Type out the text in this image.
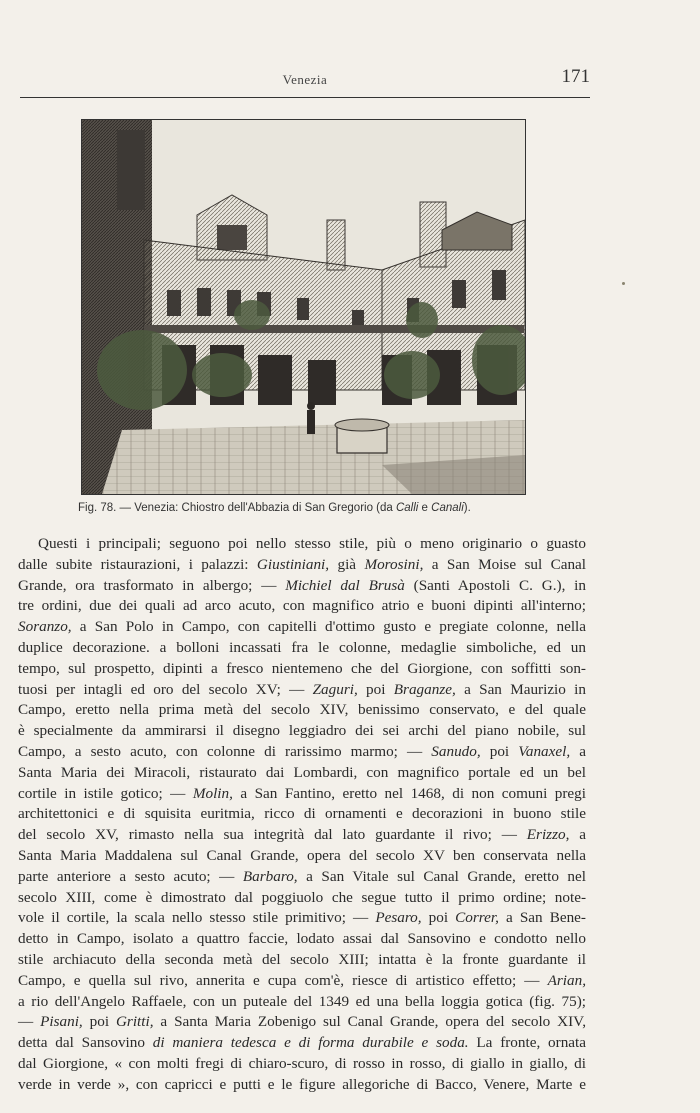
Venezia	171
Fig. 78. — Venezia: Chiostro dell'Abbazia di San Gregorio (da Calli e Canali).
Questi i principali; seguono poi nello stesso stile, più o meno originario o guasto
dalle subite ristaurazioni, i palazzi: Giustiniani, già Morosini, a San Moise sul Canal
Grande, ora trasformato in albergo; — Michiel dal Brusà (Santi Apostoli C. G.), in
tre ordini, due dei quali ad arco acuto, con magnifico atrio e buoni dipinti all'interno;
Soranzo, a San Polo in Campo, con capitelli d'ottimo gusto e pregiate colonne, nella
duplice decorazione. a bolloni incassati fra le colonne, medaglie simboliche, ed un
tempo, sul prospetto, dipinti a fresco nientemeno che del Giorgione, con soffitti son-
tuosi per intagli ed oro del secolo XV; — Zaguri, poi Braganze, a San Maurizio in
Campo, eretto nella prima metà del secolo XIV, benissimo conservato, e del quale
è specialmente da ammirarsi il disegno leggiadro dei sei archi del piano nobile, sul
Campo, a sesto acuto, con colonne di rarissimo marmo; — Sanudo, poi Vanaxel, a
Santa Maria dei Miracoli, ristaurato dai Lombardi, con magnifico portale ed un bel
cortile in istile gotico; — Molin, a San Fantino, eretto nel 1468, di non comuni pregi
architettonici e di squisita euritmia, ricco di ornamenti e decorazioni in buono stile
del secolo XV, rimasto nella sua integrità dal lato guardante il rivo; — Erizzo, a
Santa Maria Maddalena sul Canal Grande, opera del secolo XV ben conservata nella
parte anteriore a sesto acuto; — Barbaro, a San Vitale sul Canal Grande, eretto nel
secolo XIII, come è dimostrato dal poggiuolo che segue tutto il primo ordine; note-
vole il cortile, la scala nello stesso stile primitivo; — Pesaro, poi Correr, a San Bene-
detto in Campo, isolato a quattro faccie, lodato assai dal Sansovino e condotto nello
stile archiacuto della seconda metà del secolo XIII; intatta è la fronte guardante il
Campo, e quella sul rivo, annerita e cupa com'è, riesce di artistico effetto; — Arian,
a rio dell'Angelo Raffaele, con un puteale del 1349 ed una bella loggia gotica (fig. 75);
— Pisani, poi Gritti, a Santa Maria Zobenigo sul Canal Grande, opera del secolo XIV,
detta dal Sansovino di maniera tedesca e di forma durabile e soda. La fronte, ornata
dal Giorgione, « con molti fregi di chiaro-scuro, di rosso in rosso, di giallo in giallo, di
verde in verde », con capricci e putti e le figure allegoriche di Bacco, Venere, Marte e
